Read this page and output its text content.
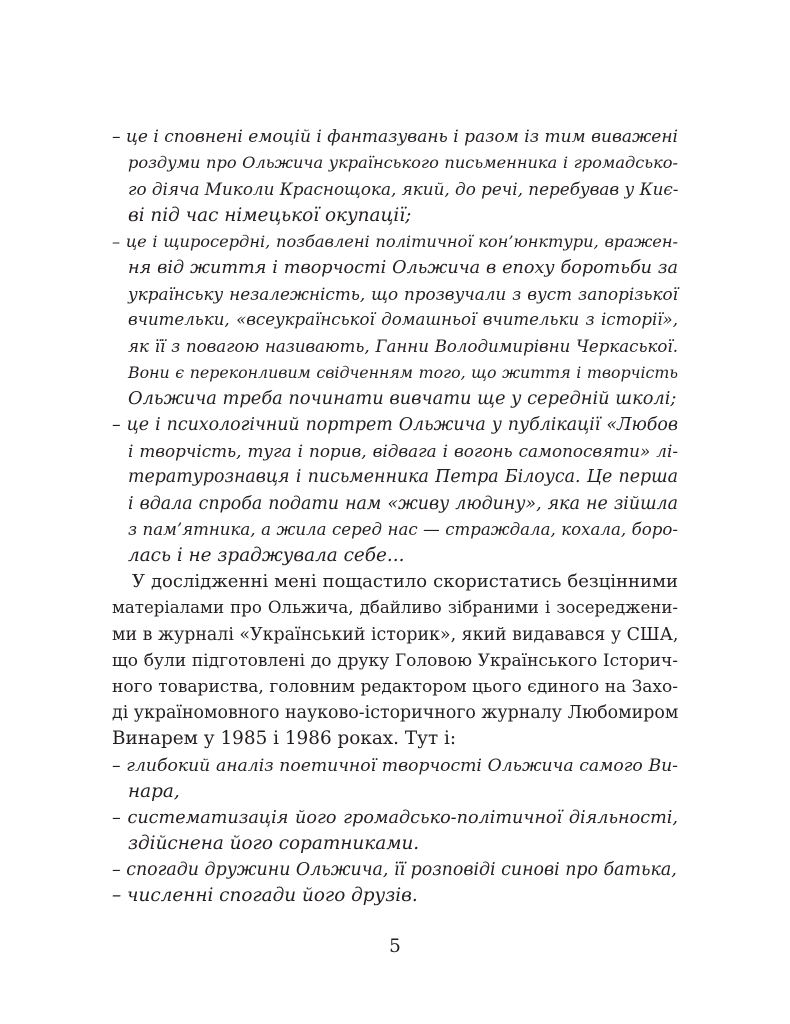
– це і сповнені емоцій і фантазувань і разом із тим виважені
роздуми про Ольжича українського письменника і громадсько-
го діяча Миколи Краснощока, який, до речі, перебував у Киє-
ві під час німецької окупації;
– це і щиросердні, позбавлені політичної кон’юнктури, вражен-
ня від життя і творчості Ольжича в епоху боротьби за
українську незалежність, що прозвучали з вуст запорізької
вчительки, «всеукраїнської домашньої вчительки з історії»,
як її з повагою називають, Ганни Володимирівни Черкаської.
Вони є переконливим свідченням того, що життя і творчість
Ольжича треба починати вивчати ще у середній школі;
– це і психологічний портрет Ольжича у публікації «Любов
і творчість, туга і порив, відвага і вогонь самопосвяти» лі-
тературознавця і письменника Петра Білоуса. Це перша
і вдала спроба подати нам «живу людину», яка не зійшла
з пам’ятника, а жила серед нас — страждала, кохала, боро-
лась і не зраджувала себе...
У дослідженні мені пощастило скористатись безцінними
матеріалами про Ольжича, дбайливо зібраними і зосереджени-
ми в журналі «Український історик», який видавався у США,
що були підготовлені до друку Головою Українського Історич-
ного товариства, головним редактором цього єдиного на Захо-
ді україномовного науково-історичного журналу Любомиром
Винарем у 1985 і 1986 роках. Тут і:
– глибокий аналіз поетичної творчості Ольжича самого Ви-
нара,
– систематизація його громадсько-політичної діяльності,
здійснена його соратниками.
– спогади дружини Ольжича, її розповіді синові про батька,
– численні спогади його друзів.
5
